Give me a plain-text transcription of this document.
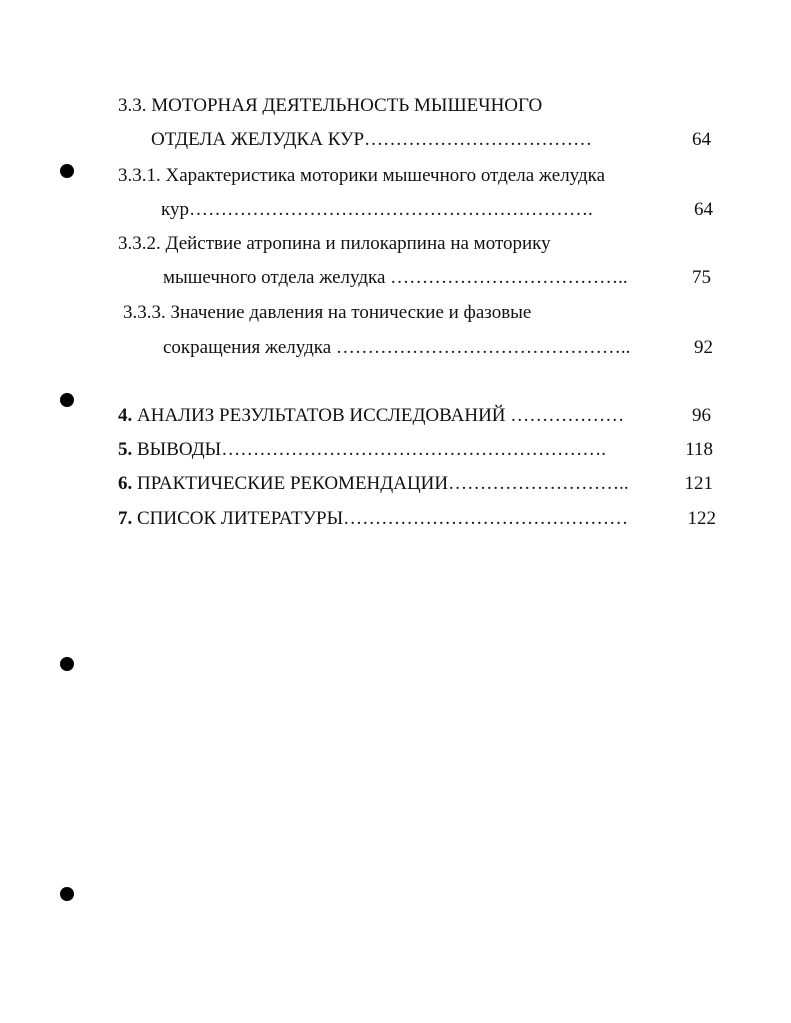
3.3. МОТОРНАЯ ДЕЯТЕЛЬНОСТЬ МЫШЕЧНОГО
ОТДЕЛА ЖЕЛУДКА КУР………………………………	64
3.3.1. Характеристика моторики мышечного отдела желудка
кур……………………………………………………….	64
3.3.2. Действие атропина и пилокарпина на моторику
мышечного отдела желудка ………………………………..	75
3.3.3. Значение давления на тонические и фазовые
сокращения желудка ………………………………………..	92
4. АНАЛИЗ РЕЗУЛЬТАТОВ ИССЛЕДОВАНИЙ ………………	96
5. ВЫВОДЫ…………………………………………………….	118
6. ПРАКТИЧЕСКИЕ РЕКОМЕНДАЦИИ………………………..	121
7. СПИСОК ЛИТЕРАТУРЫ………………………………………	122
